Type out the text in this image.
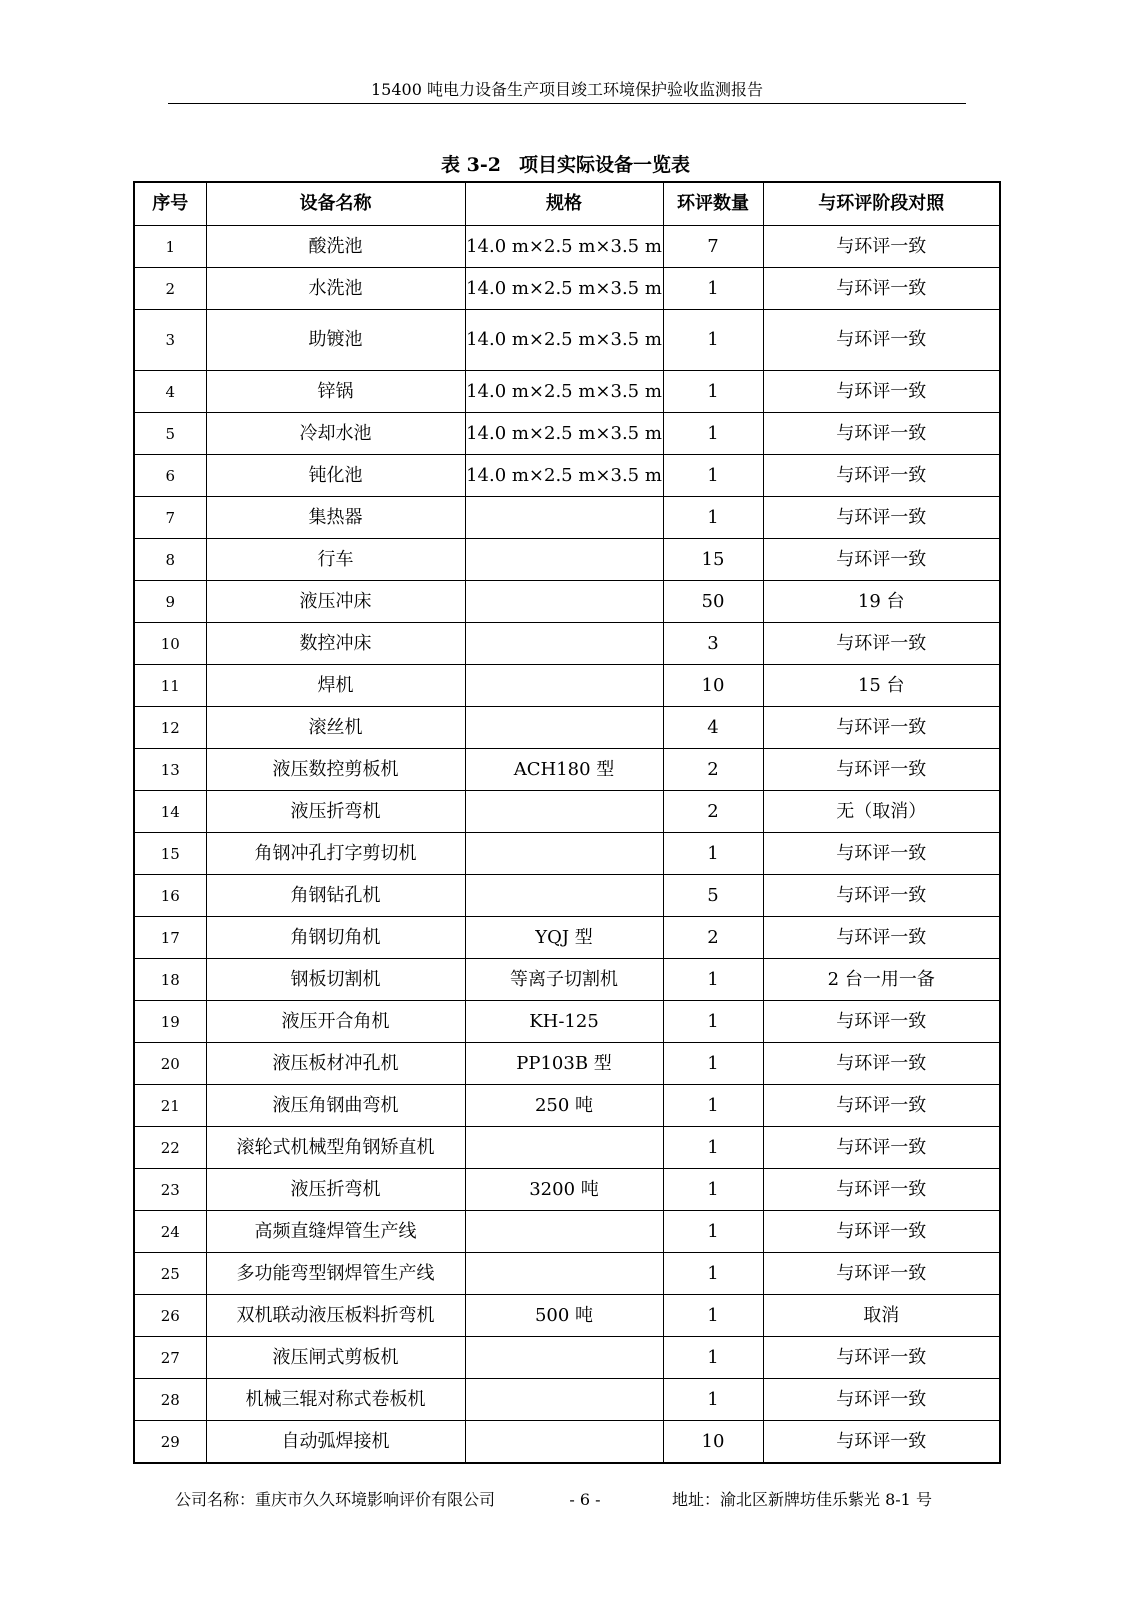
15400 吨电力设备生产项目竣工环境保护验收监测报告
表 3-2 项目实际设备一览表
序号	设备名称	规格	环评数量	与环评阶段对照
1	酸洗池	14.0 m×2.5 m×3.5 m	7	与环评一致
2	水洗池	14.0 m×2.5 m×3.5 m	1	与环评一致
3	助镀池	14.0 m×2.5 m×3.5 m	1	与环评一致
4	锌锅	14.0 m×2.5 m×3.5 m	1	与环评一致
5	冷却水池	14.0 m×2.5 m×3.5 m	1	与环评一致
6	钝化池	14.0 m×2.5 m×3.5 m	1	与环评一致
7	集热器		1	与环评一致
8	行车		15	与环评一致
9	液压冲床		50	19 台
10	数控冲床		3	与环评一致
11	焊机		10	15 台
12	滚丝机		4	与环评一致
13	液压数控剪板机	ACH180 型	2	与环评一致
14	液压折弯机		2	无（取消）
15	角钢冲孔打字剪切机		1	与环评一致
16	角钢钻孔机		5	与环评一致
17	角钢切角机	YQJ 型	2	与环评一致
18	钢板切割机	等离子切割机	1	2 台一用一备
19	液压开合角机	KH-125	1	与环评一致
20	液压板材冲孔机	PP103B 型	1	与环评一致
21	液压角钢曲弯机	250 吨	1	与环评一致
22	滚轮式机械型角钢矫直机		1	与环评一致
23	液压折弯机	3200 吨	1	与环评一致
24	高频直缝焊管生产线		1	与环评一致
25	多功能弯型钢焊管生产线		1	与环评一致
26	双机联动液压板料折弯机	500 吨	1	取消
27	液压闸式剪板机		1	与环评一致
28	机械三辊对称式卷板机		1	与环评一致
29	自动弧焊接机		10	与环评一致
公司名称：重庆市久久环境影响评价有限公司	- 6 -	地址：渝北区新牌坊佳乐紫光 8-1 号
